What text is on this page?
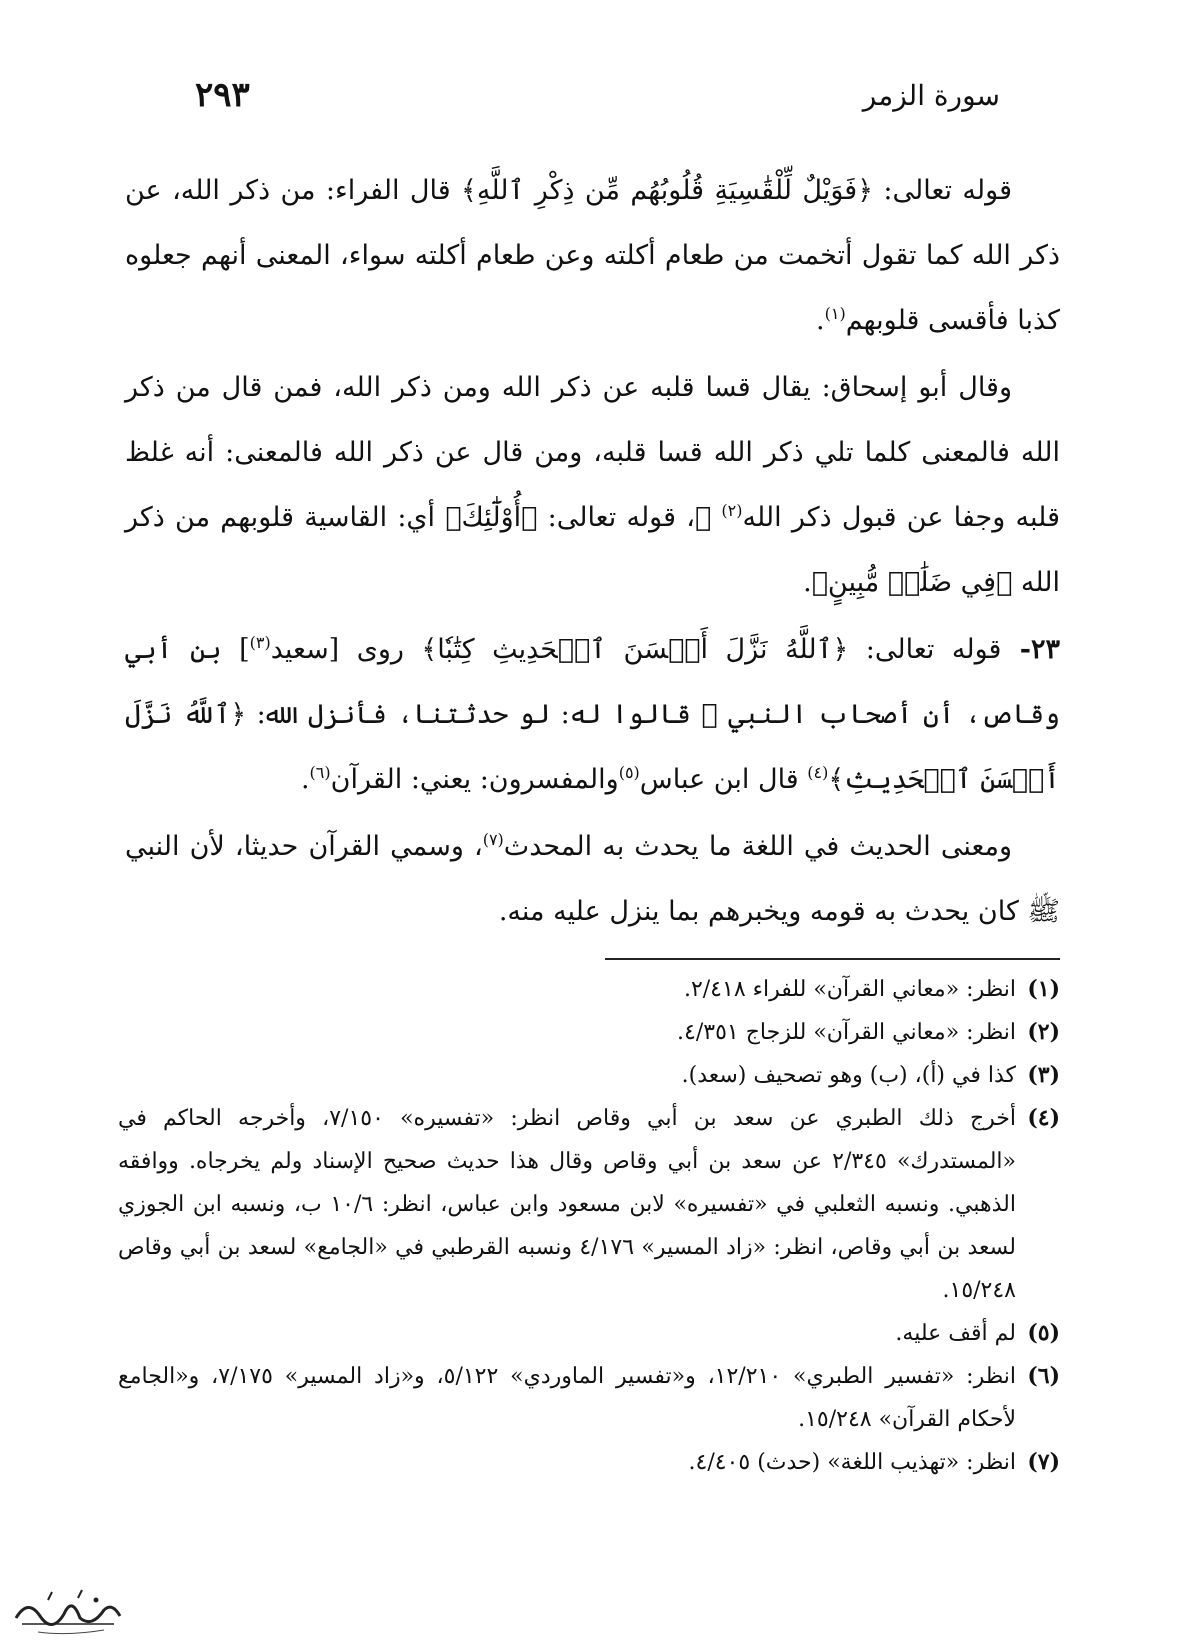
٢٩٣	سورة الزمر

قوله تعالى: ﴿فَوَيْلٌ لِّلْقَٰسِيَةِ قُلُوبُهُم مِّن ذِكْرِ ٱللَّهِ﴾ قال الفراء: من ذكر الله، عن ذكر الله كما تقول أتخمت من طعام أكلته وعن طعام أكلته سواء، المعنى أنهم جعلوه كذبا فأقسى قلوبهم$^{(١)}$.

وقال أبو إسحاق: يقال قسا قلبه عن ذكر الله ومن ذكر الله، فمن قال من ذكر الله فالمعنى كلما تلي ذكر الله قسا قلبه، ومن قال عن ذكر الله فالمعنى: أنه غلظ قلبه وجفا عن قبول ذكر الله$^{(٢)}$ ﷻ، قوله تعالى: ﴿أُوْلَٰٓئِكَ﴾ أي: القاسية قلوبهم من ذكر الله ﴿فِي ضَلَٰلٖ مُّبِينٍ﴾.

٢٣- قوله تعالى: ﴿ٱللَّهُ نَزَّلَ أَحۡسَنَ ٱلۡحَدِيثِ كِتَٰبٗا﴾ روى [سعيد$^{(٣)}$] بن أبي وقاص، أن أصحاب النبي ﷺ قالوا له: لو حدثتنا، فأنزل الله: ﴿ٱللَّهُ نَزَّلَ أَحۡسَنَ ٱلۡحَدِيثِ﴾$^{(٤)}$ قال ابن عباس$^{(٥)}$والمفسرون: يعني: القرآن$^{(٦)}$.

ومعنى الحديث في اللغة ما يحدث به المحدث$^{(٧)}$، وسمي القرآن حديثا، لأن النبي ﷺ كان يحدث به قومه ويخبرهم بما ينزل عليه منه.

(١)
انظر: «معاني القرآن» للفراء ٢/٤١٨.
(٢)
انظر: «معاني القرآن» للزجاج ٤/٣٥١.
(٣)
كذا في (أ)، (ب) وهو تصحيف (سعد).
(٤)
أخرج ذلك الطبري عن سعد بن أبي وقاص انظر: «تفسيره» ٧/١٥٠، وأخرجه الحاكم في «المستدرك» ٢/٣٤٥ عن سعد بن أبي وقاص وقال هذا حديث صحيح الإسناد ولم يخرجاه. ووافقه الذهبي. ونسبه الثعلبي في «تفسيره» لابن مسعود وابن عباس، انظر: ١٠/٦ ب، ونسبه ابن الجوزي لسعد بن أبي وقاص، انظر: «زاد المسير» ٤/١٧٦ ونسبه القرطبي في «الجامع» لسعد بن أبي وقاص ١٥/٢٤٨.
(٥)
لم أقف عليه.
(٦)
انظر: «تفسير الطبري» ١٢/٢١٠، و«تفسير الماوردي» ٥/١٢٢، و«زاد المسير» ٧/١٧٥، و«الجامع لأحكام القرآن» ١٥/٢٤٨.
(٧)
انظر: «تهذيب اللغة» (حدث) ٤/٤٠٥.
